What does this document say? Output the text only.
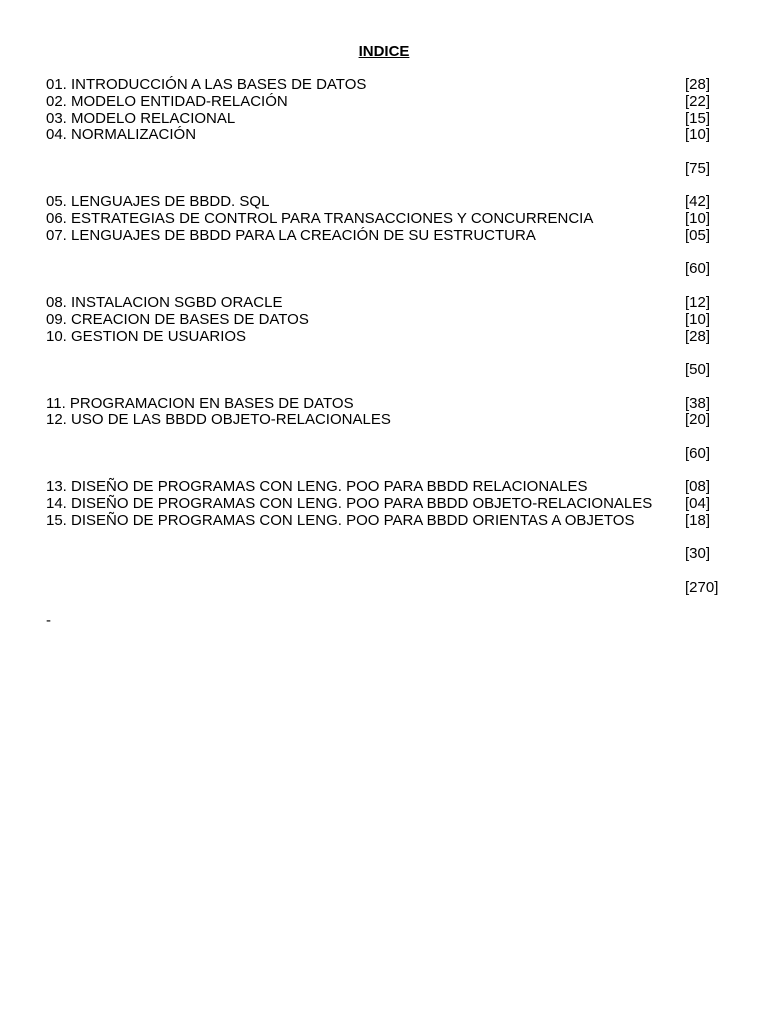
INDICE
01. INTRODUCCIÓN A LAS BASES DE DATOS	[28]
02. MODELO ENTIDAD-RELACIÓN	[22]
03. MODELO RELACIONAL	[15]
04. NORMALIZACIÓN	[10]
[75]
05. LENGUAJES DE BBDD. SQL	[42]
06. ESTRATEGIAS DE CONTROL PARA TRANSACCIONES Y CONCURRENCIA	[10]
07. LENGUAJES DE BBDD PARA LA CREACIÓN DE SU ESTRUCTURA	[05]
[60]
08. INSTALACION SGBD ORACLE	[12]
09. CREACION DE BASES DE DATOS	[10]
10. GESTION DE USUARIOS	[28]
[50]
11. PROGRAMACION EN BASES DE DATOS	[38]
12. USO DE LAS BBDD OBJETO-RELACIONALES	[20]
[60]
13. DISEÑO DE PROGRAMAS CON LENG. POO PARA BBDD RELACIONALES	[08]
14. DISEÑO DE PROGRAMAS CON LENG. POO PARA BBDD OBJETO-RELACIONALES	[04]
15. DISEÑO DE PROGRAMAS CON LENG. POO PARA BBDD ORIENTAS A OBJETOS	[18]
[30]
[270]
-
